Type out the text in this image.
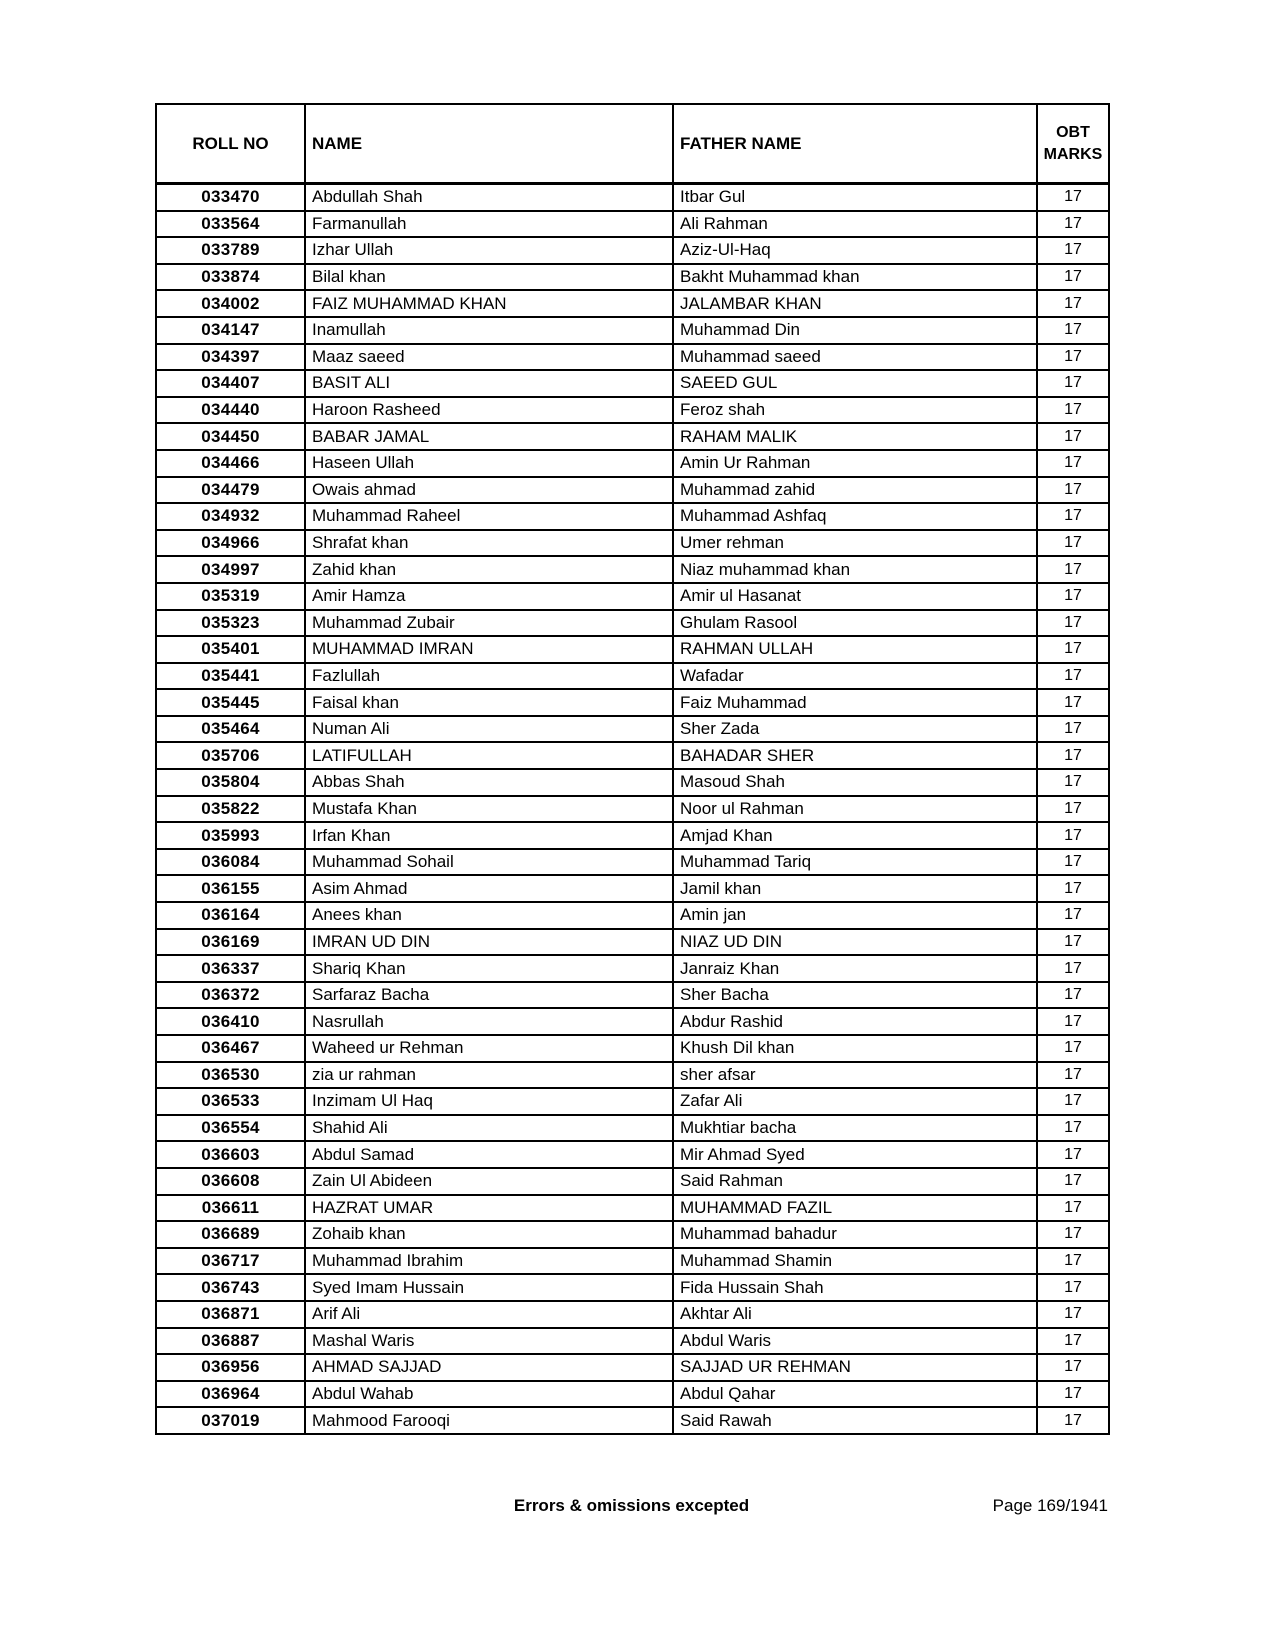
ROLL NO	NAME	FATHER NAME	OBT MARKS
033470	Abdullah Shah	Itbar Gul	17
033564	Farmanullah	Ali Rahman	17
033789	Izhar Ullah	Aziz-Ul-Haq	17
033874	Bilal khan	Bakht Muhammad khan	17
034002	FAIZ MUHAMMAD KHAN	JALAMBAR KHAN	17
034147	Inamullah	Muhammad Din	17
034397	Maaz saeed	Muhammad saeed	17
034407	BASIT ALI	SAEED GUL	17
034440	Haroon Rasheed	Feroz shah	17
034450	BABAR JAMAL	RAHAM MALIK	17
034466	Haseen Ullah	Amin Ur Rahman	17
034479	Owais ahmad	Muhammad zahid	17
034932	Muhammad Raheel	Muhammad Ashfaq	17
034966	Shrafat khan	Umer rehman	17
034997	Zahid khan	Niaz muhammad khan	17
035319	Amir Hamza	Amir ul Hasanat	17
035323	Muhammad Zubair	Ghulam Rasool	17
035401	MUHAMMAD IMRAN	RAHMAN ULLAH	17
035441	Fazlullah	Wafadar	17
035445	Faisal khan	Faiz Muhammad	17
035464	Numan Ali	Sher Zada	17
035706	LATIFULLAH	BAHADAR SHER	17
035804	Abbas Shah	Masoud Shah	17
035822	Mustafa Khan	Noor ul Rahman	17
035993	Irfan Khan	Amjad Khan	17
036084	Muhammad Sohail	Muhammad Tariq	17
036155	Asim Ahmad	Jamil khan	17
036164	Anees khan	Amin jan	17
036169	IMRAN UD DIN	NIAZ UD DIN	17
036337	Shariq Khan	Janraiz Khan	17
036372	Sarfaraz Bacha	Sher Bacha	17
036410	Nasrullah	Abdur Rashid	17
036467	Waheed ur Rehman	Khush Dil khan	17
036530	zia ur rahman	sher afsar	17
036533	Inzimam Ul Haq	Zafar Ali	17
036554	Shahid Ali	Mukhtiar bacha	17
036603	Abdul Samad	Mir Ahmad Syed	17
036608	Zain Ul Abideen	Said Rahman	17
036611	HAZRAT UMAR	MUHAMMAD FAZIL	17
036689	Zohaib khan	Muhammad bahadur	17
036717	Muhammad Ibrahim	Muhammad Shamin	17
036743	Syed Imam Hussain	Fida Hussain Shah	17
036871	Arif Ali	Akhtar Ali	17
036887	Mashal Waris	Abdul Waris	17
036956	AHMAD SAJJAD	SAJJAD UR REHMAN	17
036964	Abdul Wahab	Abdul Qahar	17
037019	Mahmood Farooqi	Said Rawah	17
Errors & omissions excepted	Page 169/1941
